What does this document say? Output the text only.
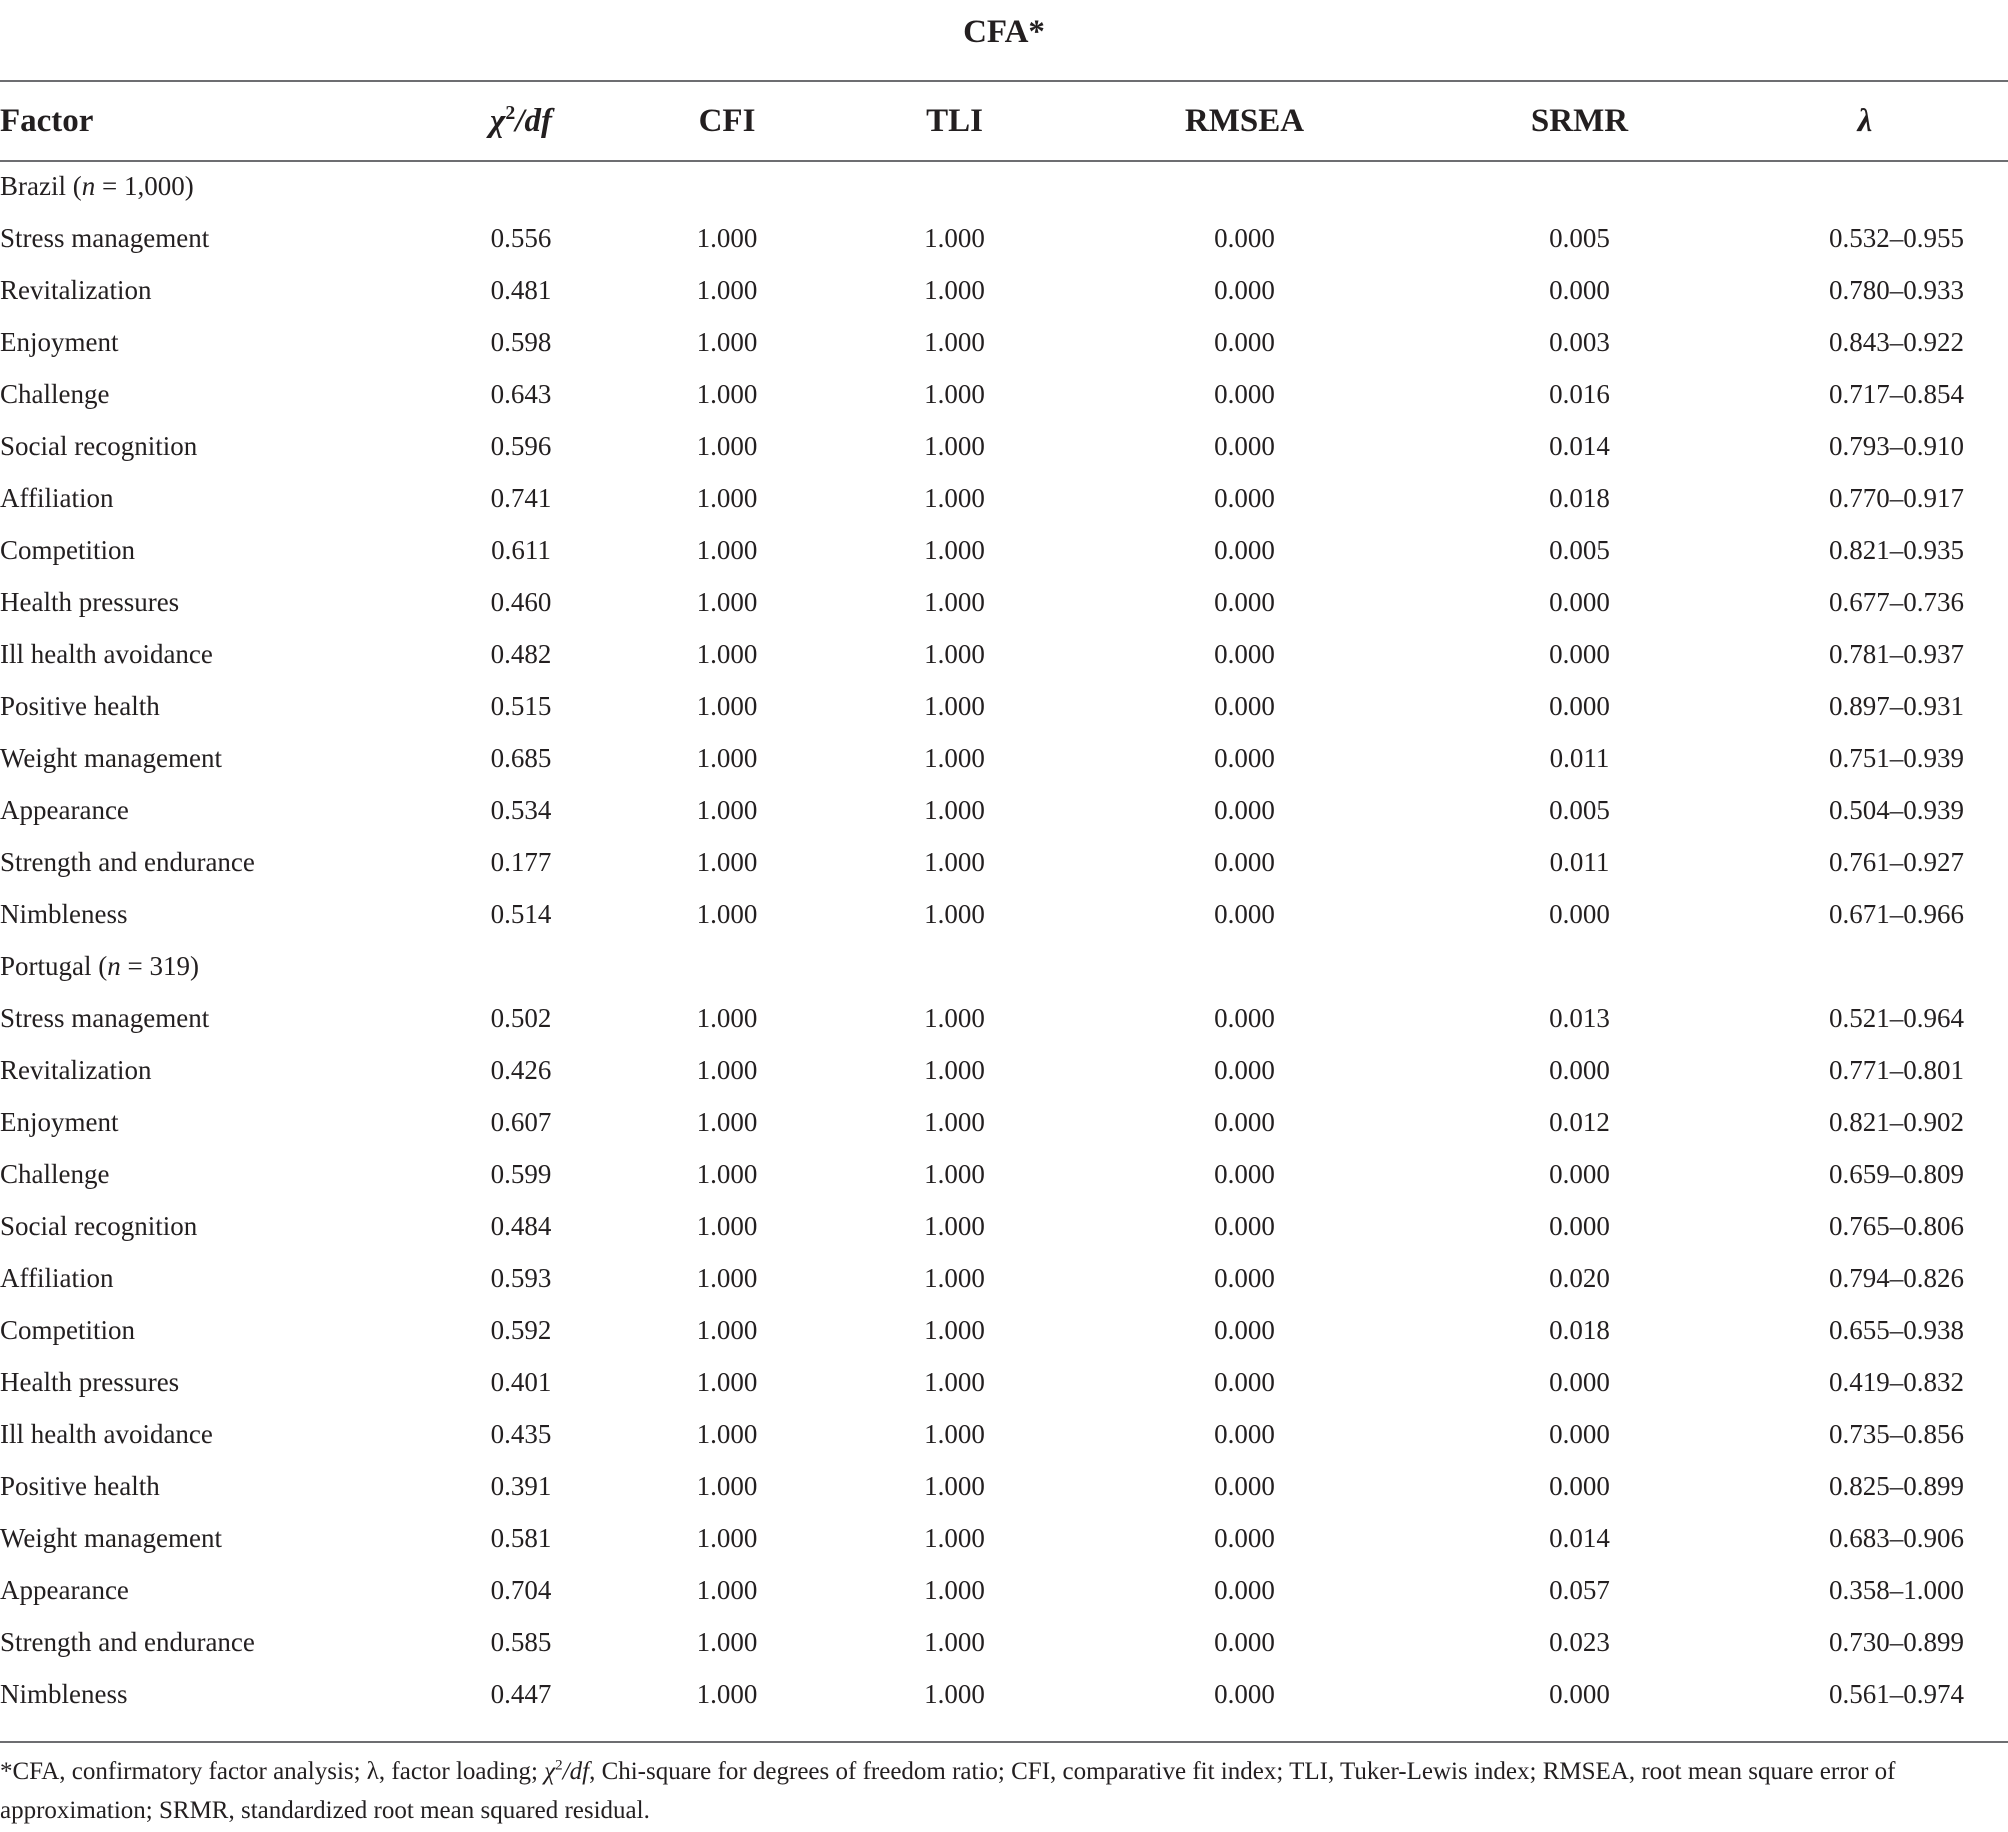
CFA*
Factor	$\chi^2/df$	CFI	TLI	RMSEA	SRMR	λ
Brazil (n = 1,000)						
Stress management	0.556	1.000	1.000	0.000	0.005	0.532–0.955
Revitalization	0.481	1.000	1.000	0.000	0.000	0.780–0.933
Enjoyment	0.598	1.000	1.000	0.000	0.003	0.843–0.922
Challenge	0.643	1.000	1.000	0.000	0.016	0.717–0.854
Social recognition	0.596	1.000	1.000	0.000	0.014	0.793–0.910
Affiliation	0.741	1.000	1.000	0.000	0.018	0.770–0.917
Competition	0.611	1.000	1.000	0.000	0.005	0.821–0.935
Health pressures	0.460	1.000	1.000	0.000	0.000	0.677–0.736
Ill health avoidance	0.482	1.000	1.000	0.000	0.000	0.781–0.937
Positive health	0.515	1.000	1.000	0.000	0.000	0.897–0.931
Weight management	0.685	1.000	1.000	0.000	0.011	0.751–0.939
Appearance	0.534	1.000	1.000	0.000	0.005	0.504–0.939
Strength and endurance	0.177	1.000	1.000	0.000	0.011	0.761–0.927
Nimbleness	0.514	1.000	1.000	0.000	0.000	0.671–0.966
Portugal (n = 319)						
Stress management	0.502	1.000	1.000	0.000	0.013	0.521–0.964
Revitalization	0.426	1.000	1.000	0.000	0.000	0.771–0.801
Enjoyment	0.607	1.000	1.000	0.000	0.012	0.821–0.902
Challenge	0.599	1.000	1.000	0.000	0.000	0.659–0.809
Social recognition	0.484	1.000	1.000	0.000	0.000	0.765–0.806
Affiliation	0.593	1.000	1.000	0.000	0.020	0.794–0.826
Competition	0.592	1.000	1.000	0.000	0.018	0.655–0.938
Health pressures	0.401	1.000	1.000	0.000	0.000	0.419–0.832
Ill health avoidance	0.435	1.000	1.000	0.000	0.000	0.735–0.856
Positive health	0.391	1.000	1.000	0.000	0.000	0.825–0.899
Weight management	0.581	1.000	1.000	0.000	0.014	0.683–0.906
Appearance	0.704	1.000	1.000	0.000	0.057	0.358–1.000
Strength and endurance	0.585	1.000	1.000	0.000	0.023	0.730–0.899
Nimbleness	0.447	1.000	1.000	0.000	0.000	0.561–0.974
*CFA, confirmatory factor analysis; λ, factor loading; $\chi^2/df$, Chi-square for degrees of freedom ratio; CFI, comparative fit index; TLI, Tuker-Lewis index; RMSEA, root mean square error of approximation; SRMR, standardized root mean squared residual.
